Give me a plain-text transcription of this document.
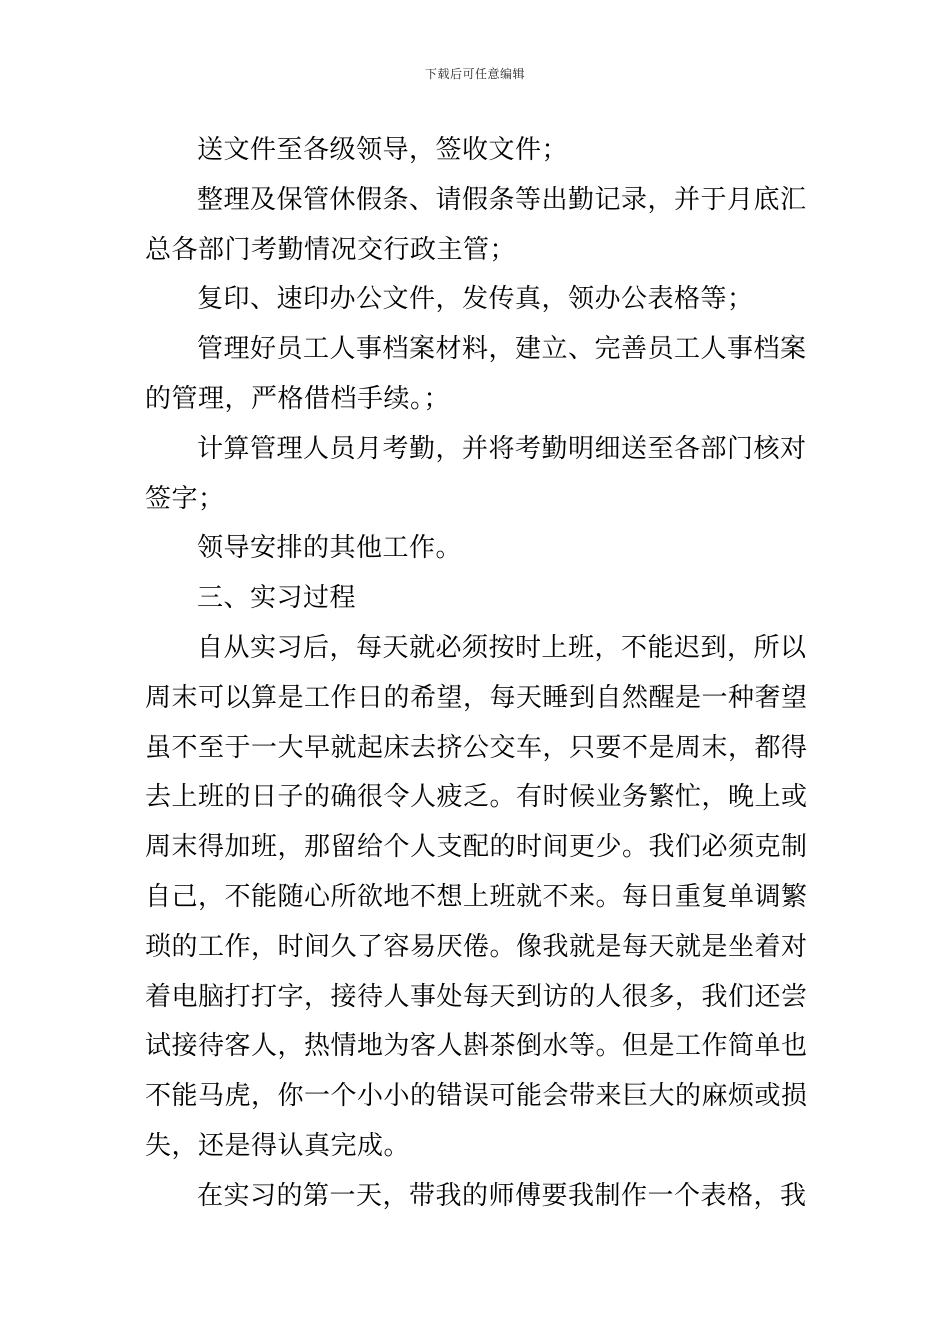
下载后可任意编辑
送文件至各级领导，签收文件；
整理及保管休假条、请假条等出勤记录，并于月底汇
总各部门考勤情况交行政主管；
复印、速印办公文件，发传真，领办公表格等；
管理好员工人事档案材料，建立、完善员工人事档案
的管理，严格借档手续。；
计算管理人员月考勤，并将考勤明细送至各部门核对
签字；
领导安排的其他工作。
三、实习过程
自从实习后，每天就必须按时上班，不能迟到，所以
周末可以算是工作日的希望，每天睡到自然醒是一种奢望
虽不至于一大早就起床去挤公交车，只要不是周末，都得
去上班的日子的确很令人疲乏。有时候业务繁忙，晚上或
周末得加班，那留给个人支配的时间更少。我们必须克制
自己，不能随心所欲地不想上班就不来。每日重复单调繁
琐的工作，时间久了容易厌倦。像我就是每天就是坐着对
着电脑打打字，接待人事处每天到访的人很多，我们还尝
试接待客人，热情地为客人斟茶倒水等。但是工作简单也
不能马虎，你一个小小的错误可能会带来巨大的麻烦或损
失，还是得认真完成。
在实习的第一天，带我的师傅要我制作一个表格，我
